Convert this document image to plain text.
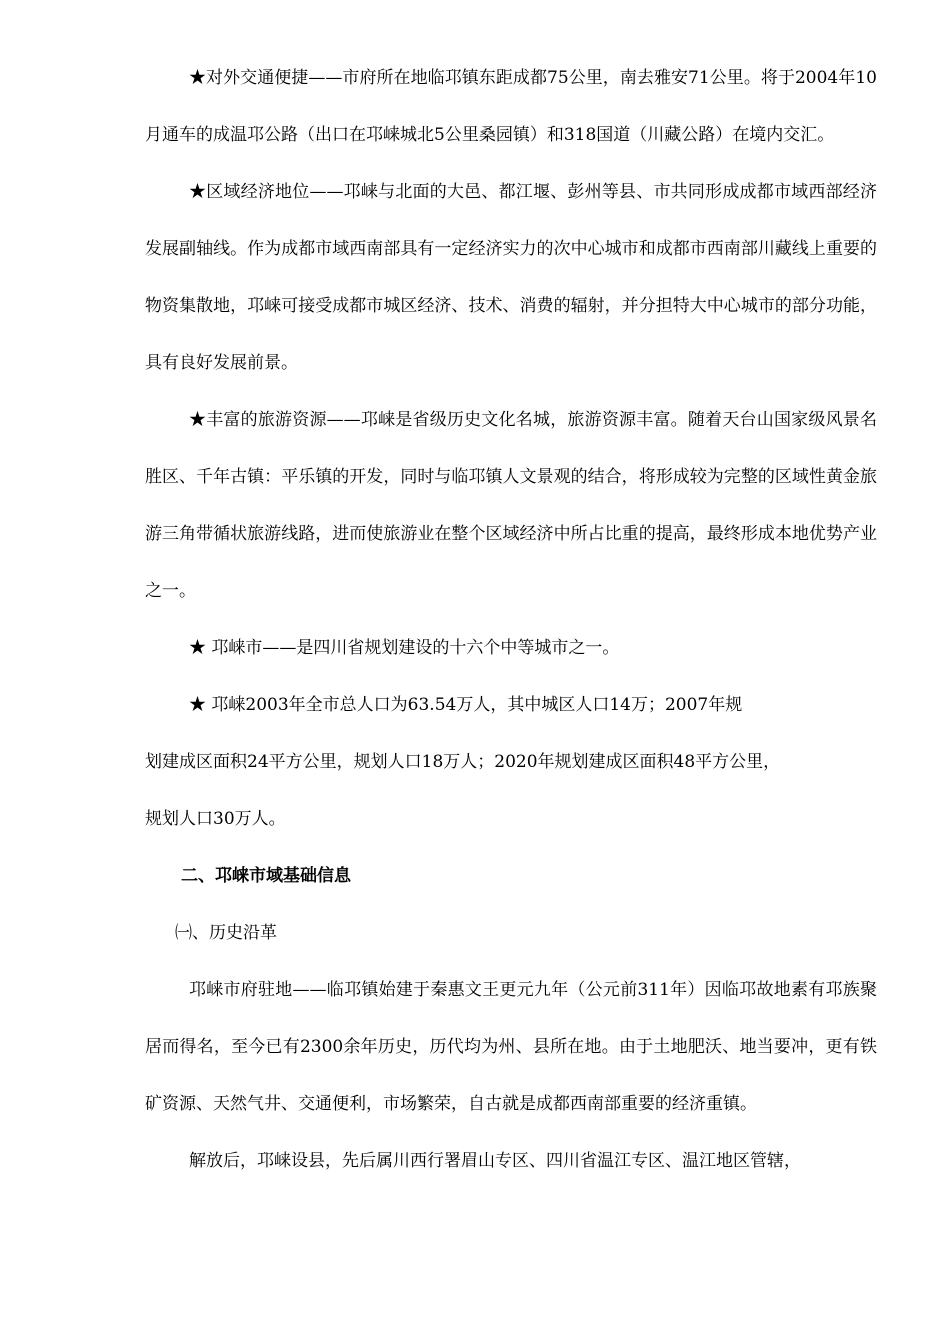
★对外交通便捷——市府所在地临邛镇东距成都75公里，南去雅安71公里。将于2004年10月通车的成温邛公路（出口在邛崃城北5公里桑园镇）和318国道（川藏公路）在境内交汇。

★区域经济地位——邛崃与北面的大邑、都江堰、彭州等县、市共同形成成都市域西部经济发展副轴线。作为成都市域西南部具有一定经济实力的次中心城市和成都市西南部川藏线上重要的物资集散地，邛崃可接受成都市城区经济、技术、消费的辐射，并分担特大中心城市的部分功能，具有良好发展前景。

★丰富的旅游资源——邛崃是省级历史文化名城，旅游资源丰富。随着天台山国家级风景名胜区、千年古镇：平乐镇的开发，同时与临邛镇人文景观的结合，将形成较为完整的区域性黄金旅游三角带循状旅游线路，进而使旅游业在整个区域经济中所占比重的提高，最终形成本地优势产业之一。

★ 邛崃市——是四川省规划建设的十六个中等城市之一。

★ 邛崃2003年全市总人口为63.54万人，其中城区人口14万；2007年规

划建成区面积24平方公里，规划人口18万人；2020年规划建成区面积48平方公里，

规划人口30万人。

二、邛崃市域基础信息

㈠、历史沿革

邛崃市府驻地——临邛镇始建于秦惠文王更元九年（公元前311年）因临邛故地素有邛族聚居而得名，至今已有2300余年历史，历代均为州、县所在地。由于土地肥沃、地当要冲，更有铁矿资源、天然气井、交通便利，市场繁荣，自古就是成都西南部重要的经济重镇。

解放后，邛崃设县，先后属川西行署眉山专区、四川省温江专区、温江地区管辖，
